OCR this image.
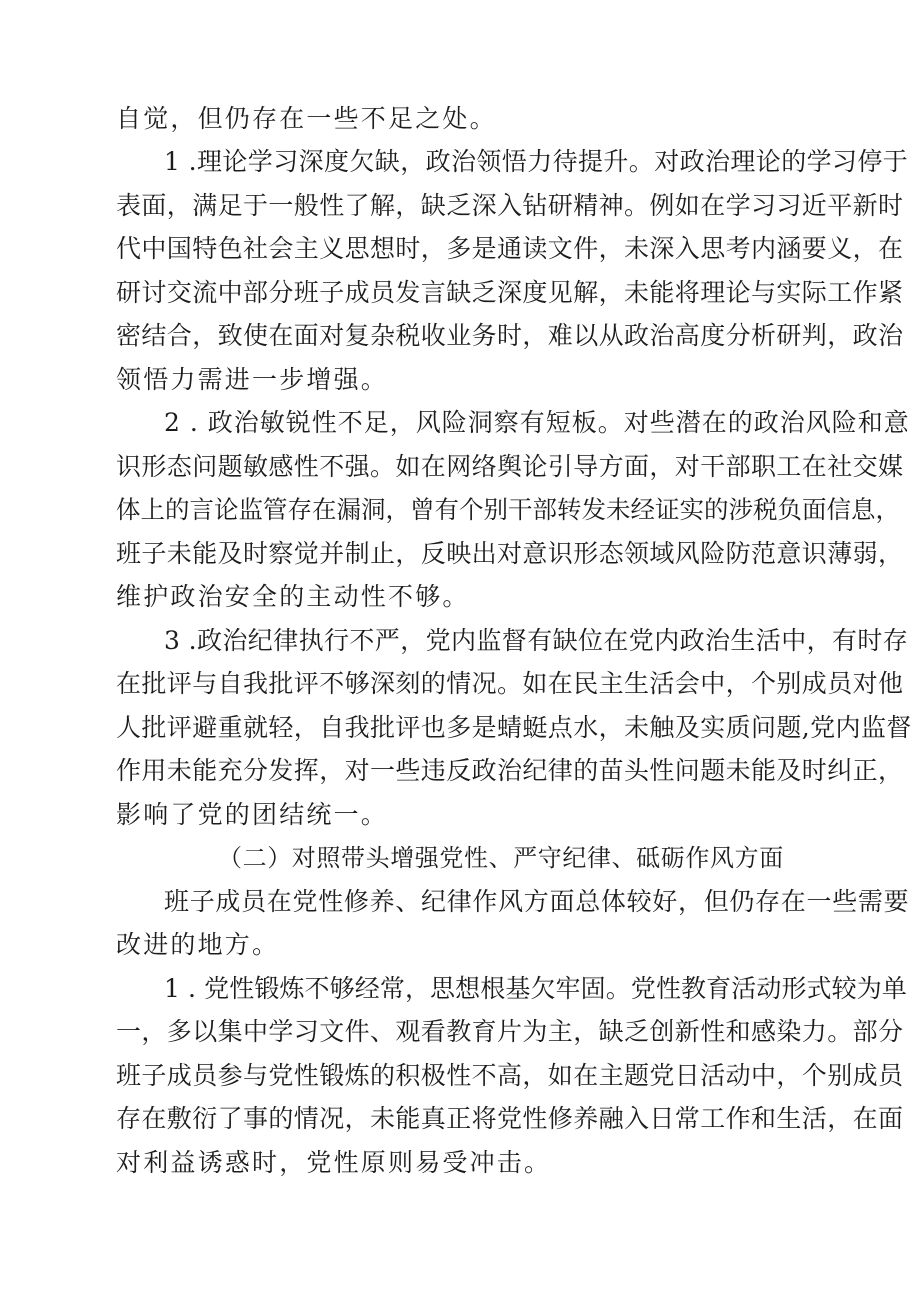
自觉，但仍存在一些不足之处。
1 .理论学习深度欠缺，政治领悟力待提升。对政治理论的学习停于
表面，满足于一般性了解，缺乏深入钻研精神。例如在学习习近平新时
代中国特色社会主义思想时，多是通读文件，未深入思考内涵要义，在
研讨交流中部分班子成员发言缺乏深度见解，未能将理论与实际工作紧
密结合，致使在面对复杂税收业务时，难以从政治高度分析研判，政治
领悟力需进一步增强。
2 . 政治敏锐性不足，风险洞察有短板。对些潜在的政治风险和意
识形态问题敏感性不强。如在网络舆论引导方面，对干部职工在社交媒
体上的言论监管存在漏洞，曾有个别干部转发未经证实的涉税负面信息，
班子未能及时察觉并制止，反映出对意识形态领域风险防范意识薄弱，
维护政治安全的主动性不够。
3 .政治纪律执行不严，党内监督有缺位在党内政治生活中，有时存
在批评与自我批评不够深刻的情况。如在民主生活会中，个别成员对他
人批评避重就轻，自我批评也多是蜻蜓点水，未触及实质问题,党内监督
作用未能充分发挥，对一些违反政治纪律的苗头性问题未能及时纠正，
影响了党的团结统一。
（二）对照带头增强党性、严守纪律、砥砺作风方面
班子成员在党性修养、纪律作风方面总体较好，但仍存在一些需要
改进的地方。
1 . 党性锻炼不够经常，思想根基欠牢固。党性教育活动形式较为单
一，多以集中学习文件、观看教育片为主，缺乏创新性和感染力。部分
班子成员参与党性锻炼的积极性不高，如在主题党日活动中，个别成员
存在敷衍了事的情况，未能真正将党性修养融入日常工作和生活，在面
对利益诱惑时，党性原则易受冲击。
